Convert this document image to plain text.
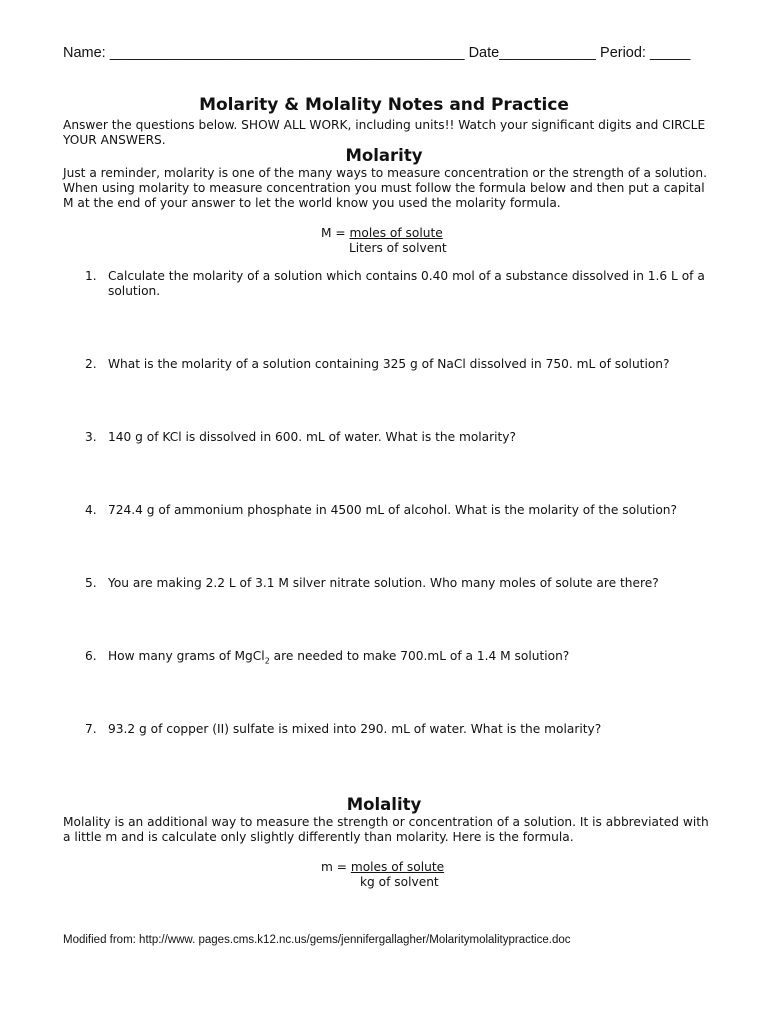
Name: ____________________________________________ Date____________ Period: _____
Molarity & Molality Notes and Practice
Answer the questions below. SHOW ALL WORK, including units!! Watch your significant digits and CIRCLE YOUR ANSWERS.
Molarity
Just a reminder, molarity is one of the many ways to measure concentration or the strength of a solution. When using molarity to measure concentration you must follow the formula below and then put a capital M at the end of your answer to let the world know you used the molarity formula.
M = moles of solute
Liters of solvent
1. Calculate the molarity of a solution which contains 0.40 mol of a substance dissolved in 1.6 L of a solution.
2. What is the molarity of a solution containing 325 g of NaCl dissolved in 750. mL of solution?
3. 140 g of KCl is dissolved in 600. mL of water. What is the molarity?
4. 724.4 g of ammonium phosphate in 4500 mL of alcohol. What is the molarity of the solution?
5. You are making 2.2 L of 3.1 M silver nitrate solution. Who many moles of solute are there?
6. How many grams of MgCl$_2$ are needed to make 700.mL of a 1.4 M solution?
7. 93.2 g of copper (II) sulfate is mixed into 290. mL of water. What is the molarity?
Molality
Molality is an additional way to measure the strength or concentration of a solution. It is abbreviated with a little m and is calculate only slightly differently than molarity. Here is the formula.
m = moles of solute
kg of solvent
Modified from: http://www. pages.cms.k12.nc.us/gems/jennifergallagher/Molaritymolalitypractice.doc
